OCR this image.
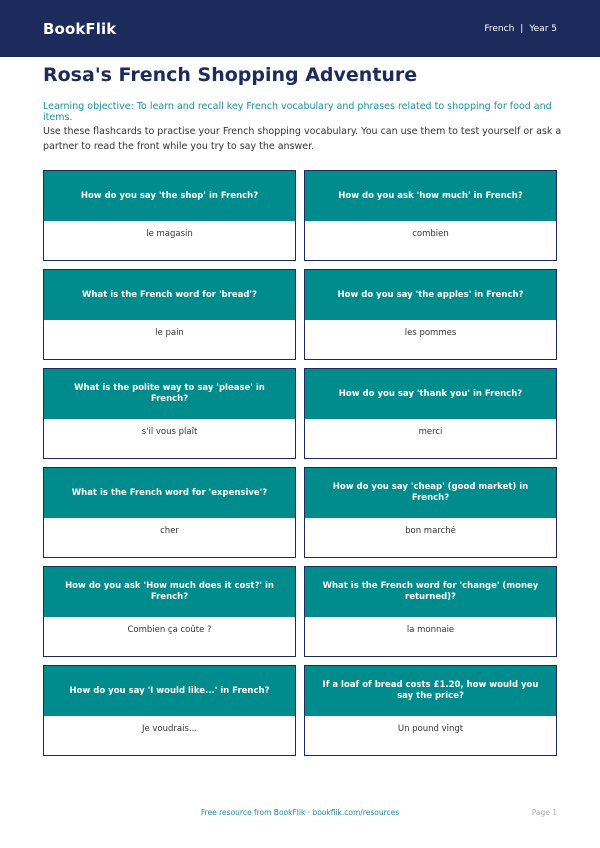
BookFlik	French | Year 5
Rosa's French Shopping Adventure

Learning objective: To learn and recall key French vocabulary and phrases related to shopping for food and items.

Use these flashcards to practise your French shopping vocabulary. You can use them to test yourself or ask a partner to read the front while you try to say the answer.

How do you say 'the shop' in French?
le magasin
How do you ask 'how much' in French?
combien
What is the French word for 'bread'?
le pain
How do you say 'the apples' in French?
les pommes
What is the polite way to say 'please' in French?
s'il vous plaît
How do you say 'thank you' in French?
merci
What is the French word for 'expensive'?
cher
How do you say 'cheap' (good market) in French?
bon marché
How do you ask 'How much does it cost?' in French?
Combien ça coûte ?
What is the French word for 'change' (money returned)?
la monnaie
How do you say 'I would like...' in French?
Je voudrais...
If a loaf of bread costs £1.20, how would you say the price?
Un pound vingt
Free resource from BookFlik · bookflik.com/resources	Page 1
